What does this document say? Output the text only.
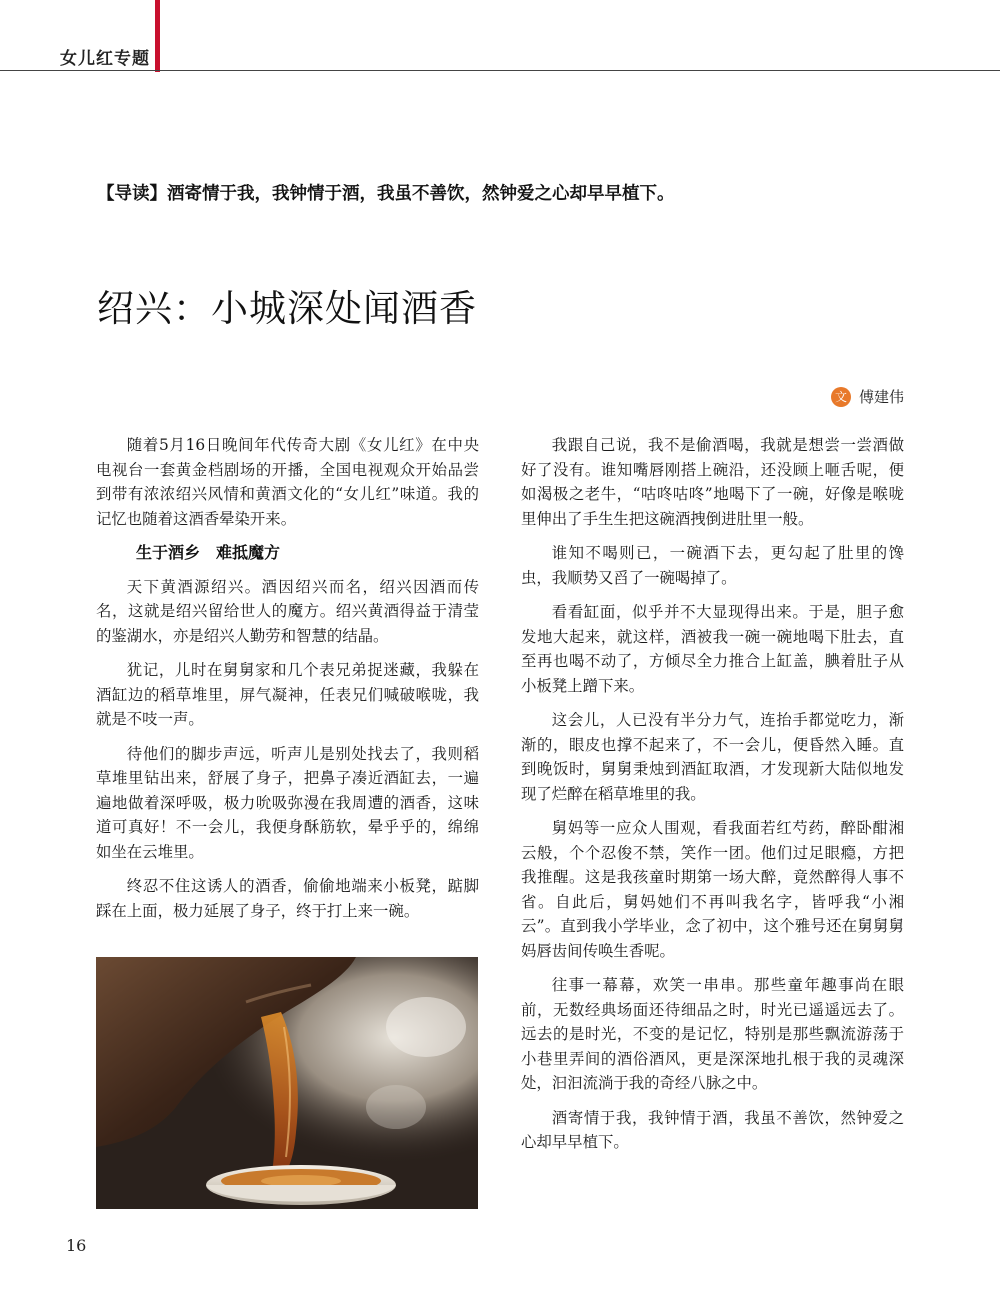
女儿红专题
【导读】酒寄情于我，我钟情于酒，我虽不善饮，然钟爱之心却早早植下。
绍兴：小城深处闻酒香
文 傅建伟

随着5月16日晚间年代传奇大剧《女儿红》在中央电视台一套黄金档剧场的开播，全国电视观众开始品尝到带有浓浓绍兴风情和黄酒文化的“女儿红”味道。我的记忆也随着这酒香晕染开来。

生于酒乡　难抵魔方

天下黄酒源绍兴。酒因绍兴而名，绍兴因酒而传名，这就是绍兴留给世人的魔方。绍兴黄酒得益于清莹的鉴湖水，亦是绍兴人勤劳和智慧的结晶。

犹记，儿时在舅舅家和几个表兄弟捉迷藏，我躲在酒缸边的稻草堆里，屏气凝神，任表兄们喊破喉咙，我就是不吱一声。

待他们的脚步声远，听声儿是别处找去了，我则稻草堆里钻出来，舒展了身子，把鼻子凑近酒缸去，一遍遍地做着深呼吸，极力吮吸弥漫在我周遭的酒香，这味道可真好！不一会儿，我便身酥筋软，晕乎乎的，绵绵如坐在云堆里。

终忍不住这诱人的酒香，偷偷地端来小板凳，踮脚踩在上面，极力延展了身子，终于打上来一碗。

我跟自己说，我不是偷酒喝，我就是想尝一尝酒做好了没有。谁知嘴唇刚搭上碗沿，还没顾上咂舌呢，便如渴极之老牛，“咕咚咕咚”地喝下了一碗，好像是喉咙里伸出了手生生把这碗酒拽倒进肚里一般。

谁知不喝则已，一碗酒下去，更勾起了肚里的馋虫，我顺势又舀了一碗喝掉了。

看看缸面，似乎并不大显现得出来。于是，胆子愈发地大起来，就这样，酒被我一碗一碗地喝下肚去，直至再也喝不动了，方倾尽全力推合上缸盖，腆着肚子从小板凳上蹭下来。

这会儿，人已没有半分力气，连抬手都觉吃力，渐渐的，眼皮也撑不起来了，不一会儿，便昏然入睡。直到晚饭时，舅舅秉烛到酒缸取酒，才发现新大陆似地发现了烂醉在稻草堆里的我。

舅妈等一应众人围观，看我面若红芍药，醉卧酣湘云般，个个忍俊不禁，笑作一团。他们过足眼瘾，方把我推醒。这是我孩童时期第一场大醉，竟然醉得人事不省。自此后，舅妈她们不再叫我名字，皆呼我“小湘云”。直到我小学毕业，念了初中，这个雅号还在舅舅舅妈唇齿间传唤生香呢。

往事一幕幕，欢笑一串串。那些童年趣事尚在眼前，无数经典场面还待细品之时，时光已遥遥远去了。远去的是时光，不变的是记忆，特别是那些飘流游荡于小巷里弄间的酒俗酒风，更是深深地扎根于我的灵魂深处，汩汩流淌于我的奇经八脉之中。

酒寄情于我，我钟情于酒，我虽不善饮，然钟爱之心却早早植下。

16
